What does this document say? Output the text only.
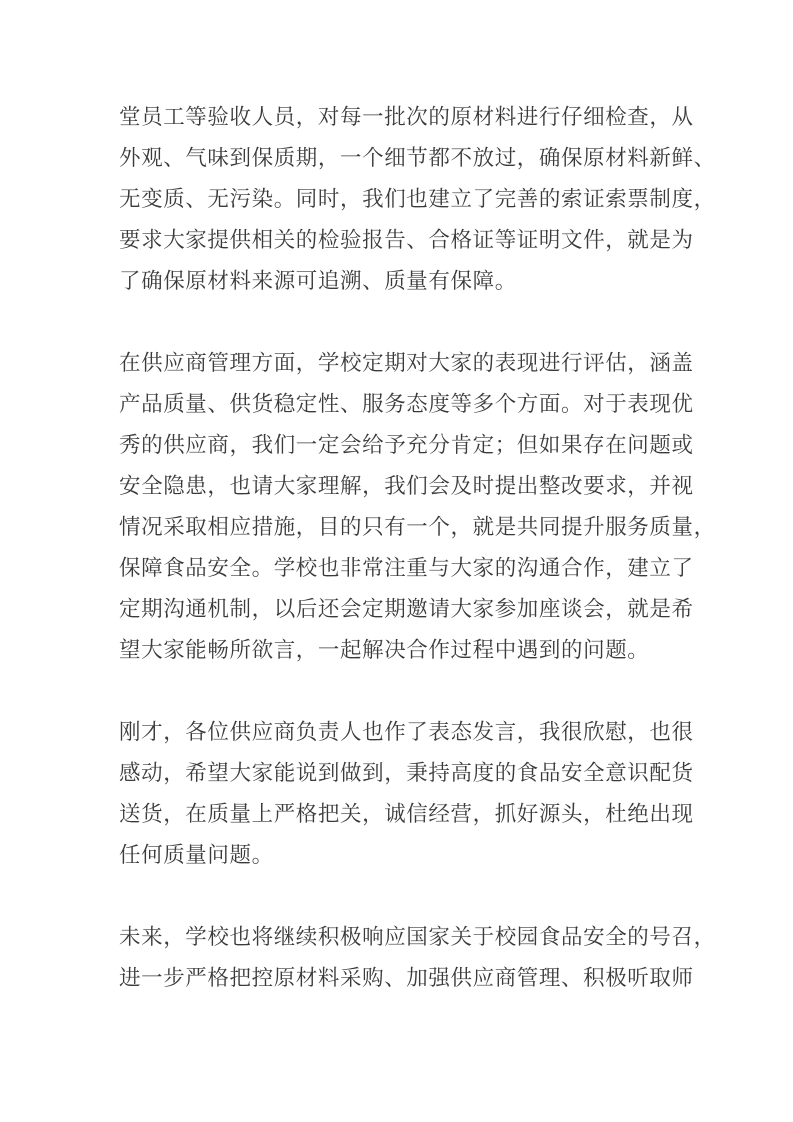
堂员工等验收人员，对每一批次的原材料进行仔细检查，从
外观、气味到保质期，一个细节都不放过，确保原材料新鲜、
无变质、无污染。同时，我们也建立了完善的索证索票制度，
要求大家提供相关的检验报告、合格证等证明文件，就是为
了确保原材料来源可追溯、质量有保障。

在供应商管理方面，学校定期对大家的表现进行评估，涵盖
产品质量、供货稳定性、服务态度等多个方面。对于表现优
秀的供应商，我们一定会给予充分肯定；但如果存在问题或
安全隐患，也请大家理解，我们会及时提出整改要求，并视
情况采取相应措施，目的只有一个，就是共同提升服务质量，
保障食品安全。学校也非常注重与大家的沟通合作，建立了
定期沟通机制，以后还会定期邀请大家参加座谈会，就是希
望大家能畅所欲言，一起解决合作过程中遇到的问题。

刚才，各位供应商负责人也作了表态发言，我很欣慰，也很
感动，希望大家能说到做到，秉持高度的食品安全意识配货
送货，在质量上严格把关，诚信经营，抓好源头，杜绝出现
任何质量问题。

未来，学校也将继续积极响应国家关于校园食品安全的号召，
进一步严格把控原材料采购、加强供应商管理、积极听取师
